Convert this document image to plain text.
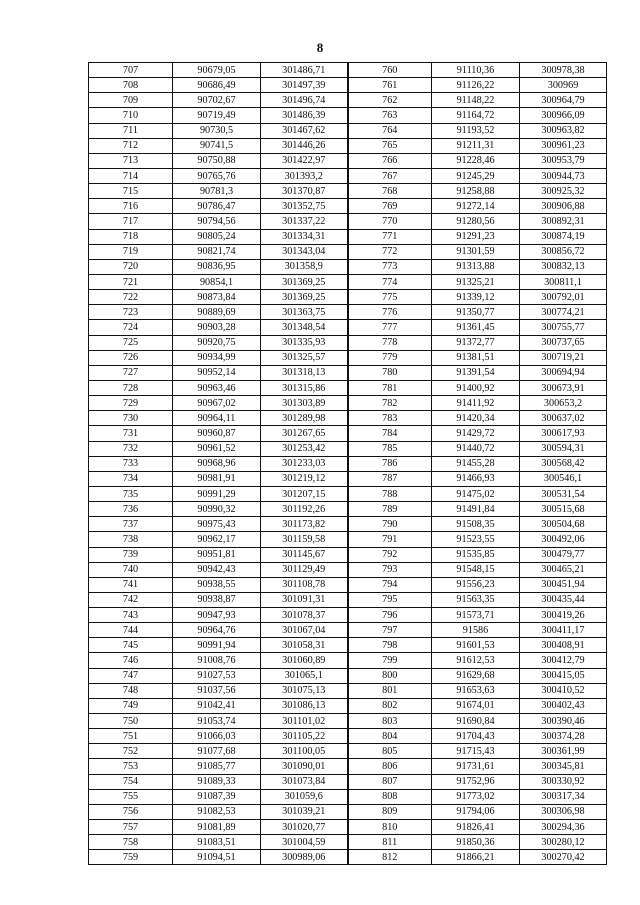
8
707	90679,05	301486,71	760	91110,36	300978,38
708	90686,49	301497,39	761	91126,22	300969
709	90702,67	301496,74	762	91148,22	300964,79
710	90719,49	301486,39	763	91164,72	300966,09
711	90730,5	301467,62	764	91193,52	300963,82
712	90741,5	301446,26	765	91211,31	300961,23
713	90750,88	301422,97	766	91228,46	300953,79
714	90765,76	301393,2	767	91245,29	300944,73
715	90781,3	301370,87	768	91258,88	300925,32
716	90786,47	301352,75	769	91272,14	300906,88
717	90794,56	301337,22	770	91280,56	300892,31
718	90805,24	301334,31	771	91291,23	300874,19
719	90821,74	301343,04	772	91301,59	300856,72
720	90836,95	301358,9	773	91313,88	300832,13
721	90854,1	301369,25	774	91325,21	300811,1
722	90873,84	301369,25	775	91339,12	300792,01
723	90889,69	301363,75	776	91350,77	300774,21
724	90903,28	301348,54	777	91361,45	300755,77
725	90920,75	301335,93	778	91372,77	300737,65
726	90934,99	301325,57	779	91381,51	300719,21
727	90952,14	301318,13	780	91391,54	300694,94
728	90963,46	301315,86	781	91400,92	300673,91
729	90967,02	301303,89	782	91411,92	300653,2
730	90964,11	301289,98	783	91420,34	300637,02
731	90960,87	301267,65	784	91429,72	300617,93
732	90961,52	301253,42	785	91440,72	300594,31
733	90968,96	301233,03	786	91455,28	300568,42
734	90981,91	301219,12	787	91466,93	300546,1
735	90991,29	301207,15	788	91475,02	300531,54
736	90990,32	301192,26	789	91491,84	300515,68
737	90975,43	301173,82	790	91508,35	300504,68
738	90962,17	301159,58	791	91523,55	300492,06
739	90951,81	301145,67	792	91535,85	300479,77
740	90942,43	301129,49	793	91548,15	300465,21
741	90938,55	301108,78	794	91556,23	300451,94
742	90938,87	301091,31	795	91563,35	300435,44
743	90947,93	301078,37	796	91573,71	300419,26
744	90964,76	301067,04	797	91586	300411,17
745	90991,94	301058,31	798	91601,53	300408,91
746	91008,76	301060,89	799	91612,53	300412,79
747	91027,53	301065,1	800	91629,68	300415,05
748	91037,56	301075,13	801	91653,63	300410,52
749	91042,41	301086,13	802	91674,01	300402,43
750	91053,74	301101,02	803	91690,84	300390,46
751	91066,03	301105,22	804	91704,43	300374,28
752	91077,68	301100,05	805	91715,43	300361,99
753	91085,77	301090,01	806	91731,61	300345,81
754	91089,33	301073,84	807	91752,96	300330,92
755	91087,39	301059,6	808	91773,02	300317,34
756	91082,53	301039,21	809	91794,06	300306,98
757	91081,89	301020,77	810	91826,41	300294,36
758	91083,51	301004,59	811	91850,36	300280,12
759	91094,51	300989,06	812	91866,21	300270,42
